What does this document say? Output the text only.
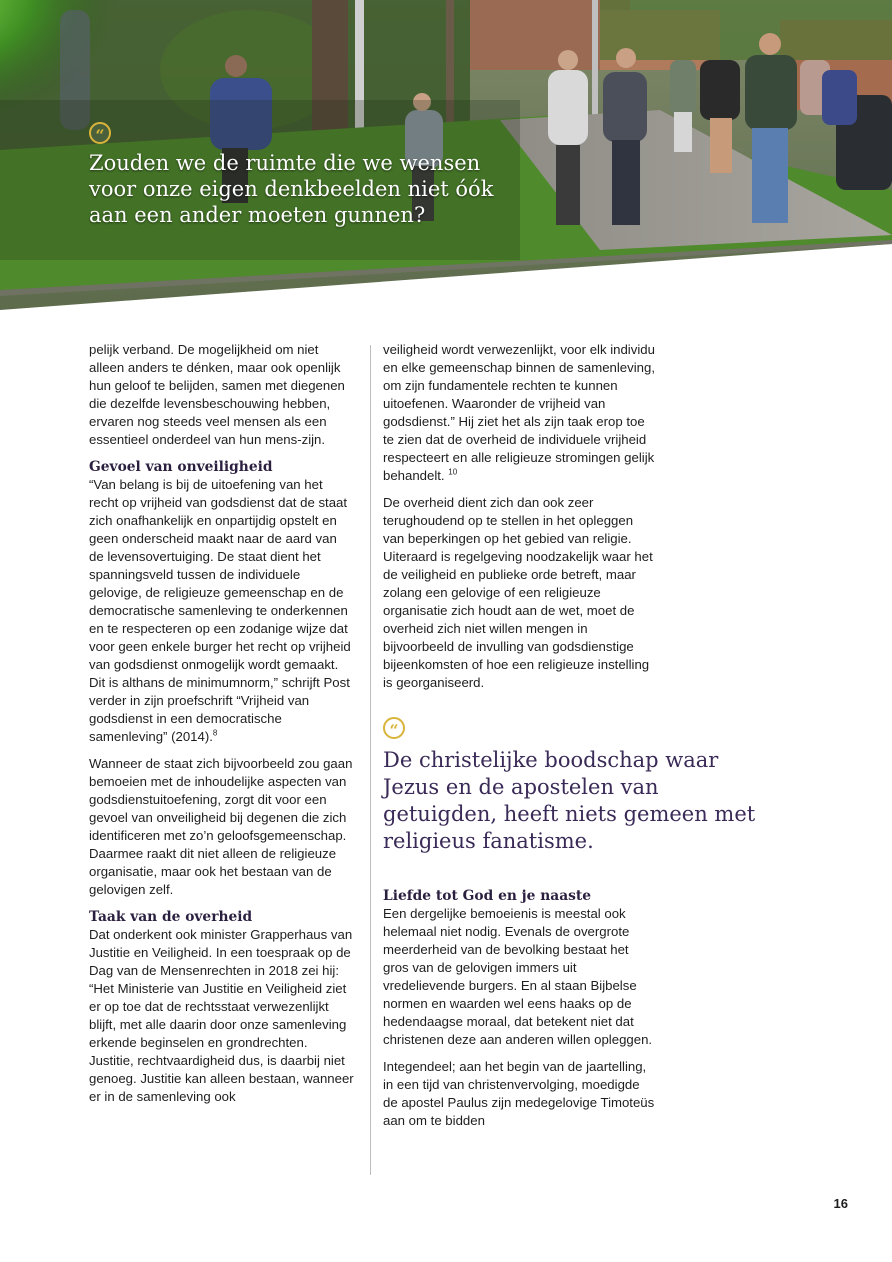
“
Zouden we de ruimte die we wensen voor onze eigen denkbeelden niet óók aan een ander moeten gunnen?

pelijk verband. De mogelijkheid om niet alleen anders te dénken, maar ook openlijk hun geloof te belijden, samen met diegenen die dezelfde levensbeschouwing hebben, ervaren nog steeds veel mensen als een essentieel onderdeel van hun mens-zijn.

Gevoel van onveiligheid

“Van belang is bij de uitoefening van het recht op vrijheid van godsdienst dat de staat zich onafhankelijk en onpartijdig opstelt en geen onderscheid maakt naar de aard van de levensovertuiging. De staat dient het spanningsveld tussen de individuele gelovige, de religieuze gemeenschap en de democratische samenleving te onderkennen en te respecteren op een zodanige wijze dat voor geen enkele burger het recht op vrijheid van godsdienst onmogelijk wordt gemaakt. Dit is althans de minimumnorm,” schrijft Post verder in zijn proefschrift “Vrijheid van godsdienst in een democratische samenleving” (2014).$^8$

Wanneer de staat zich bijvoorbeeld zou gaan bemoeien met de inhoudelijke aspecten van godsdienstuitoefening, zorgt dit voor een gevoel van onveiligheid bij degenen die zich identificeren met zo’n geloofsgemeenschap. Daarmee raakt dit niet alleen de religieuze organisatie, maar ook het bestaan van de gelovigen zelf.

Taak van de overheid

Dat onderkent ook minister Grapperhaus van Justitie en Veiligheid. In een toespraak op de Dag van de Mensenrechten in 2018 zei hij: “Het Ministerie van Justitie en Veiligheid ziet er op toe dat de rechtsstaat verwezenlijkt blijft, met alle daarin door onze samenleving erkende beginselen en grondrechten. Justitie, rechtvaardigheid dus, is daarbij niet genoeg. Justitie kan alleen bestaan, wanneer er in de samenleving ook

veiligheid wordt verwezenlijkt, voor elk individu en elke gemeenschap binnen de samenleving, om zijn fundamentele rechten te kunnen uitoefenen. Waaronder de vrijheid van godsdienst.” Hij ziet het als zijn taak erop toe te zien dat de overheid de individuele vrijheid respecteert en alle religieuze stromingen gelijk behandelt. $^{10}$

De overheid dient zich dan ook zeer terughoudend op te stellen in het opleggen van beperkingen op het gebied van religie. Uiteraard is regelgeving noodzakelijk waar het de veiligheid en publieke orde betreft, maar zolang een gelovige of een religieuze organisatie zich houdt aan de wet, moet de overheid zich niet willen mengen in bijvoorbeeld de invulling van godsdienstige bijeenkomsten of hoe een religieuze instelling is georganiseerd.

“
De christelijke boodschap waar Jezus en de apostelen van getuigden, heeft niets gemeen met religieus fanatisme.
Liefde tot God en je naaste

Een dergelijke bemoeienis is meestal ook helemaal niet nodig. Evenals de overgrote meerderheid van de bevolking bestaat het gros van de gelovigen immers uit vredelievende burgers. En al staan Bijbelse normen en waarden wel eens haaks op de hedendaagse moraal, dat betekent niet dat christenen deze aan anderen willen opleggen.

Integendeel; aan het begin van de jaartelling, in een tijd van christenvervolging, moedigde de apostel Paulus zijn medegelovige Timoteüs aan om te bidden

16
